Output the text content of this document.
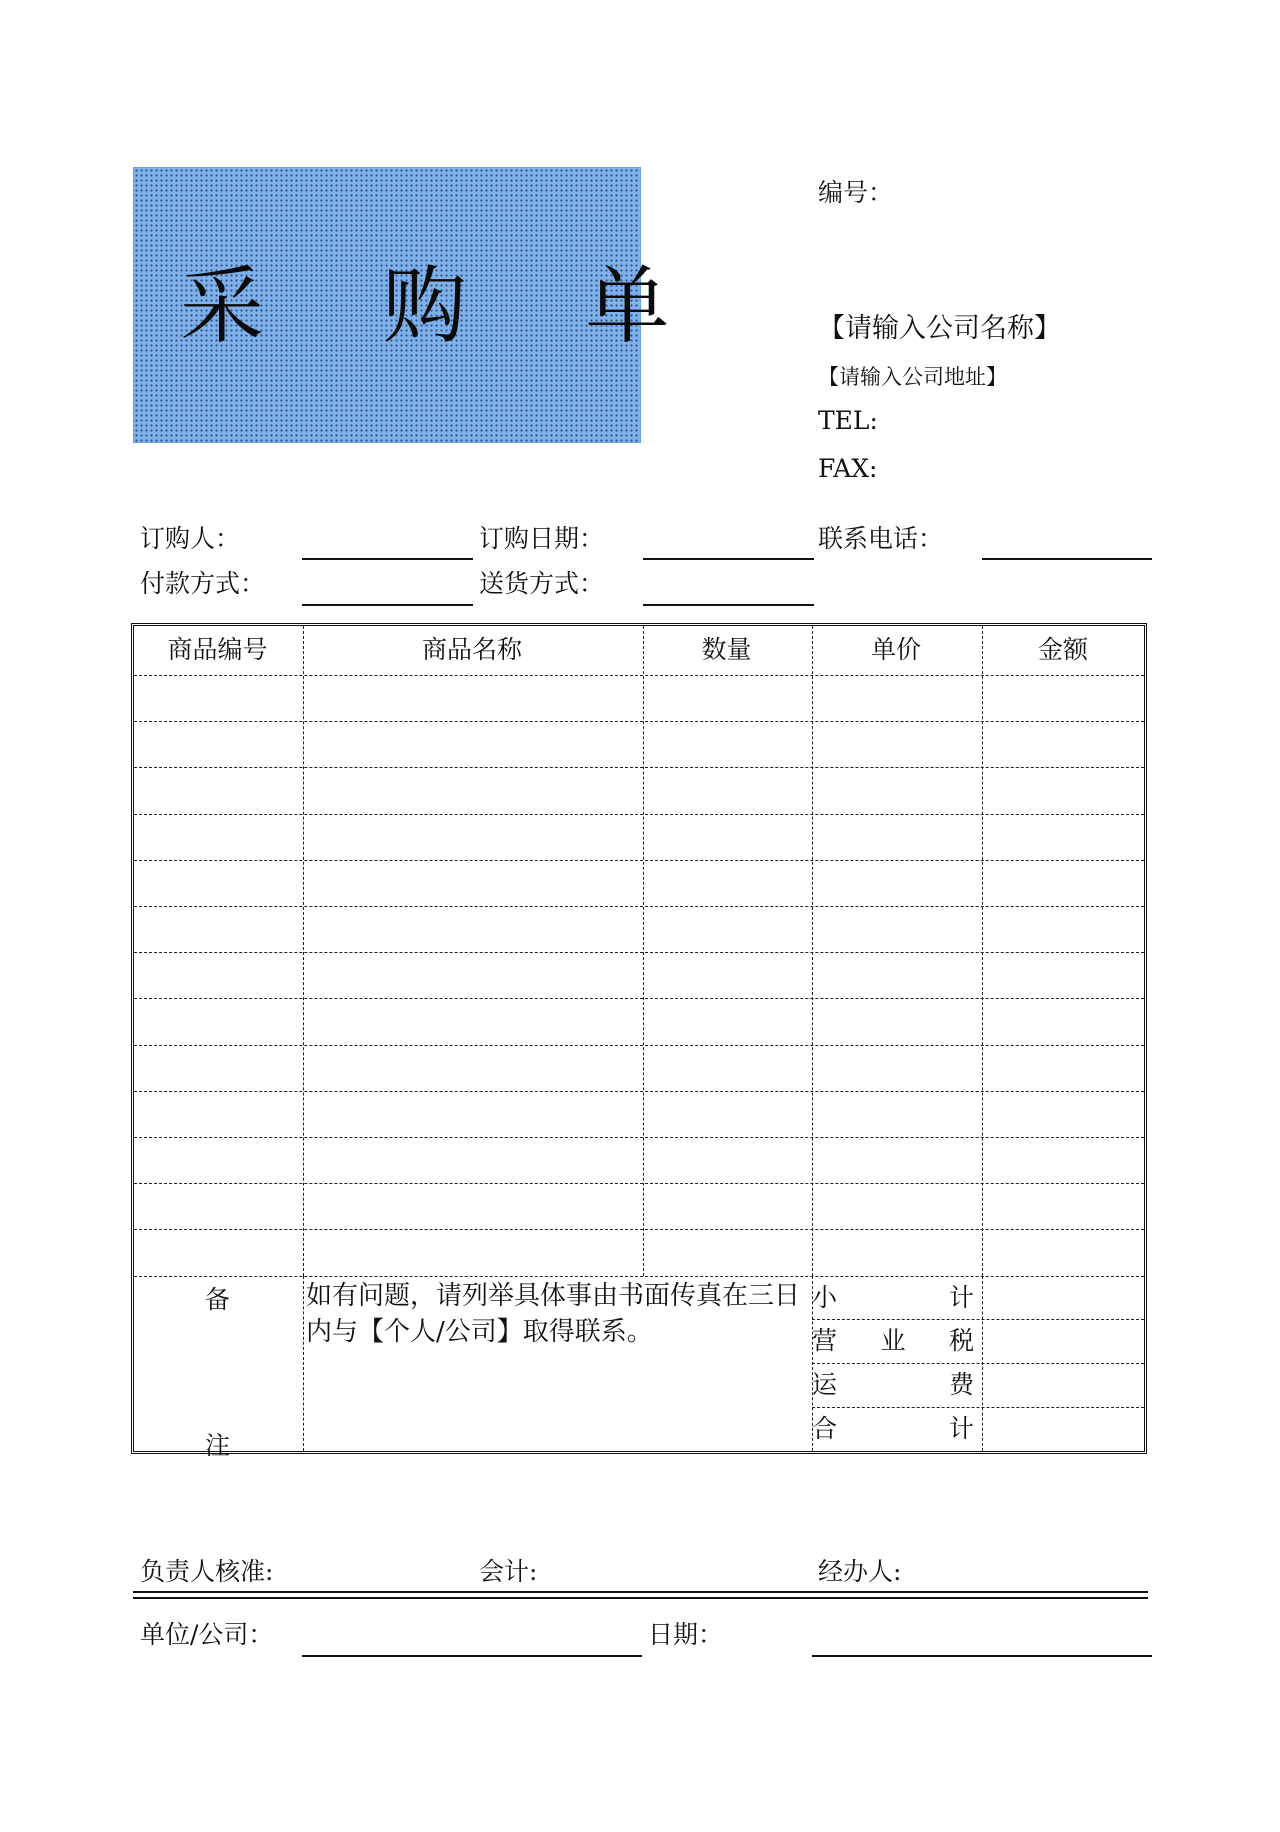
采 购 单
编号：
【请输入公司名称】
【请输入公司地址】
TEL:
FAX:
订购人：	订购日期：	联系电话：
付款方式：	送货方式：
商品编号	商品名称	数量	单价	金额
备
注
如有问题，请列举具体事由书面传真在三日内与【个人/公司】取得联系。
小	计
营 业 税
运	费
合	计
负责人核准:	会计:	经办人:
单位/公司：	日期：
